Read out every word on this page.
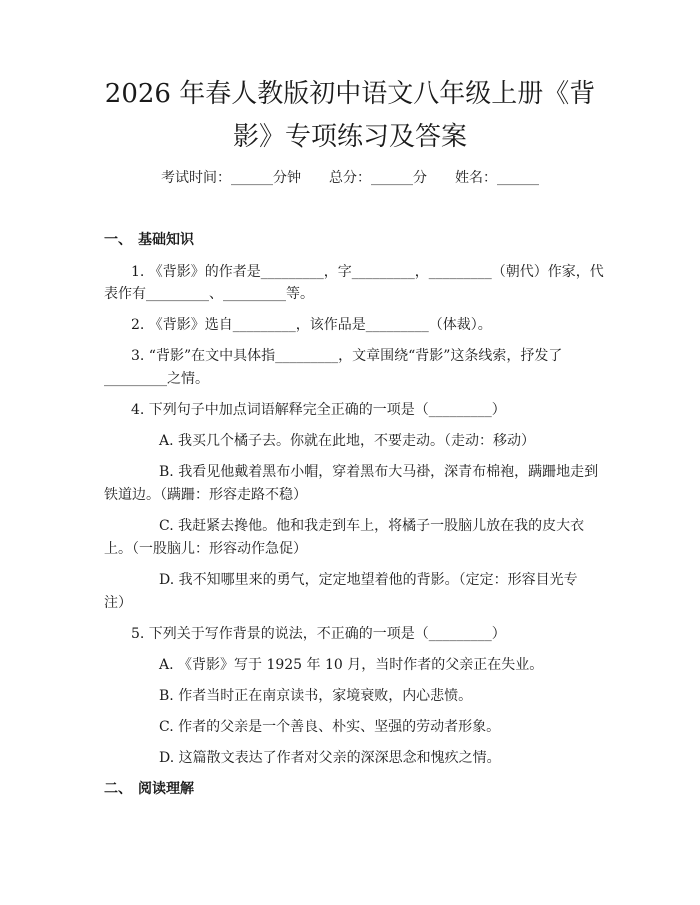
2026 年春人教版初中语文八年级上册《背
影》专项练习及答案
考试时间：______分钟 总分：______分 姓名：______
一、 基础知识
1. 《背影》的作者是_________，字_________，_________（朝代）作家，代
表作有_________、_________等。
2. 《背影》选自_________，该作品是_________（体裁）。
3. “背影”在文中具体指_________，文章围绕“背影”这条线索，抒发了
_________之情。
4. 下列句子中加点词语解释完全正确的一项是（_________）
A. 我买几个橘子去。你就在此地，不要走动。（走动：移动）
B. 我看见他戴着黑布小帽，穿着黑布大马褂，深青布棉袍，蹒跚地走到
铁道边。（蹒跚：形容走路不稳）
C. 我赶紧去搀他。他和我走到车上，将橘子一股脑儿放在我的皮大衣
上。（一股脑儿：形容动作急促）
D. 我不知哪里来的勇气，定定地望着他的背影。（定定：形容目光专
注）
5. 下列关于写作背景的说法，不正确的一项是（_________）
A. 《背影》写于 1925 年 10 月，当时作者的父亲正在失业。
B. 作者当时正在南京读书，家境衰败，内心悲愤。
C. 作者的父亲是一个善良、朴实、坚强的劳动者形象。
D. 这篇散文表达了作者对父亲的深深思念和愧疚之情。
二、 阅读理解
